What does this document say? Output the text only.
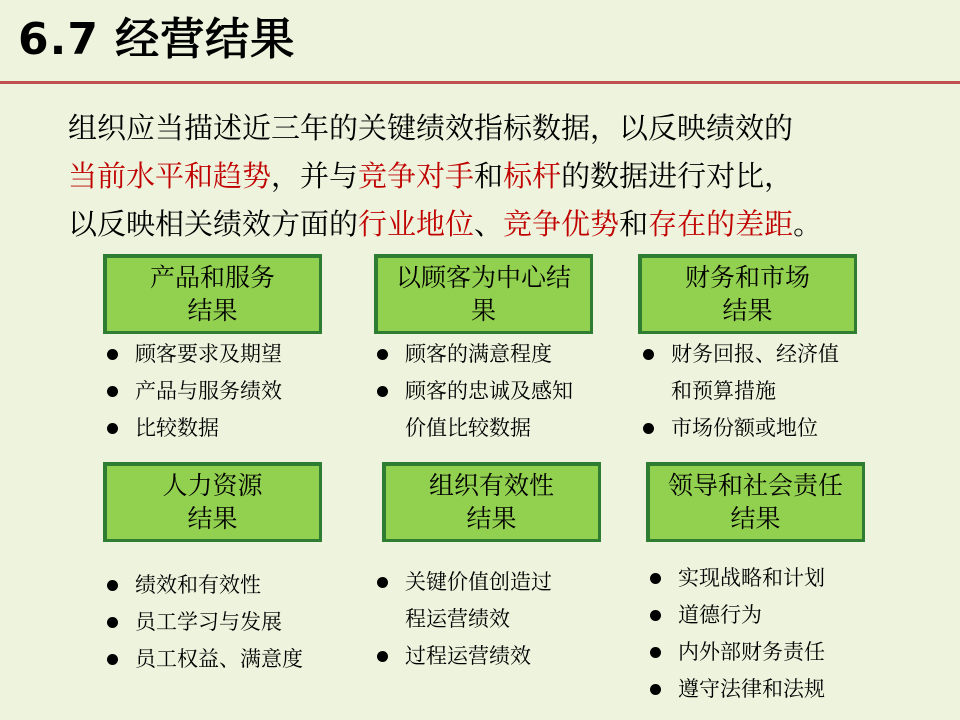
6.7 经营结果
组织应当描述近三年的关键绩效指标数据，以反映绩效的
当前水平和趋势，并与竞争对手和标杆的数据进行对比，
以反映相关绩效方面的行业地位、竞争优势和存在的差距。
产品和服务
结果
以顾客为中心结
果
财务和市场
结果
顾客要求及期望
产品与服务绩效
比较数据
顾客的满意程度
顾客的忠诚及感知
价值比较数据
财务回报、经济值
和预算措施
市场份额或地位
人力资源
结果
组织有效性
结果
领导和社会责任
结果
绩效和有效性
员工学习与发展
员工权益、满意度
关键价值创造过
程运营绩效
过程运营绩效
实现战略和计划
道德行为
内外部财务责任
遵守法律和法规
